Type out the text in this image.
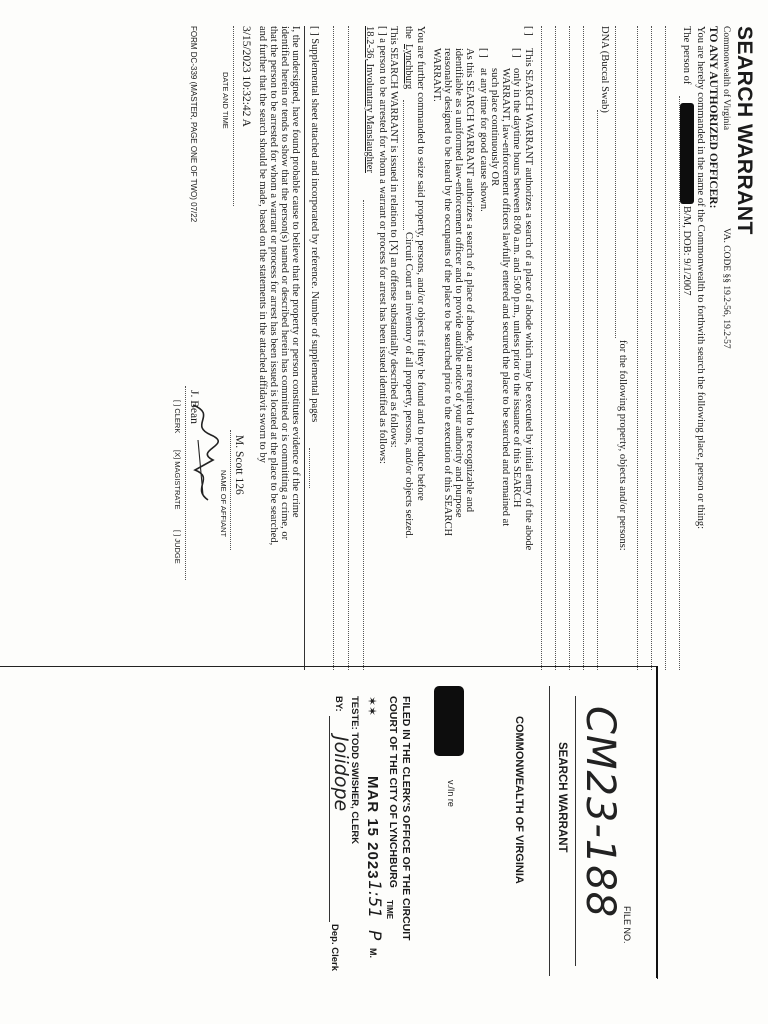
SEARCH WARRANT
Commonwealth of Virginia
VA. CODE §§ 19.2-56, 19.2-57
TO ANY AUTHORIZED OFFICER:
You are hereby commanded in the name of the Commonwealth to forthwith search the following place, person or thing:
The person of
B/M, DOB: 9/1/2007
for the following property, objects and/or persons:
DNA (Buccal Swab)
[ ]
This SEARCH WARRANT authorizes a search of a place of abode which may be executed by initial entry of the abode
[ ]
only in the daytime hours between 8:00 a.m. and 5:00 p.m., unless prior to the issuance of this SEARCH
WARRANT, law-enforcement officers lawfully entered and secured the place to be searched and remained at
such place continuously OR
[ ]
at any time for good cause shown.
As this SEARCH WARRANT authorizes a search of a place of abode, you are required to be recognizable and
identifiable as a uniformed law-enforcement officer and to provide audible notice of your authority and purpose
reasonably designed to be heard by the occupants of the place to be searched prior to the execution of this SEARCH
WARRANT.
You are further commanded to seize said property, persons, and/or objects if they be found and to produce before
the
Lynchburg
Circuit Court an inventory of all property, persons, and/or objects seized.
This SEARCH WARRANT is issued in relation to [X] an offense substantially described as follows:
[ ] a person to be arrested for whom a warrant or process for arrest has been issued identified as follows:
18.2-36, Involuntary Manslaughter
[ ] Supplemental sheet attached and incorporated by reference. Number of supplemental pages
I, the undersigned, have found probable cause to believe that the property or person constitutes evidence of the crime
identified herein or tends to show that the person(s) named or described herein has committed or is committing a crime, or
that the person to be arrested for whom a warrant or process for arrest has been issued is located at the place to be searched,
and further that the search should be made, based on the statements in the attached affidavit sworn to by
3/15/2023 10:32:42 A
DATE AND TIME
M. Scott 126
NAME OF AFFIANT
J. Bean
[ ] CLERK
[X] MAGISTRATE
[ ] JUDGE
FORM DC-339 (MASTER, PAGE ONE OF TWO) 07/22
FILE NO.
CM23-188
SEARCH WARRANT
COMMONWEALTH OF VIRGINIA
v./In re
FILED IN THE CLERK'S OFFICE OF THE CIRCUIT
COURT OF THE CITY OF LYNCHBURG
✶✶
MAR 15 2023
1:51
P
M.
TIME
TESTE: TODD SWISHER, CLERK
BY:
Joiidope
Dep. Clerk
